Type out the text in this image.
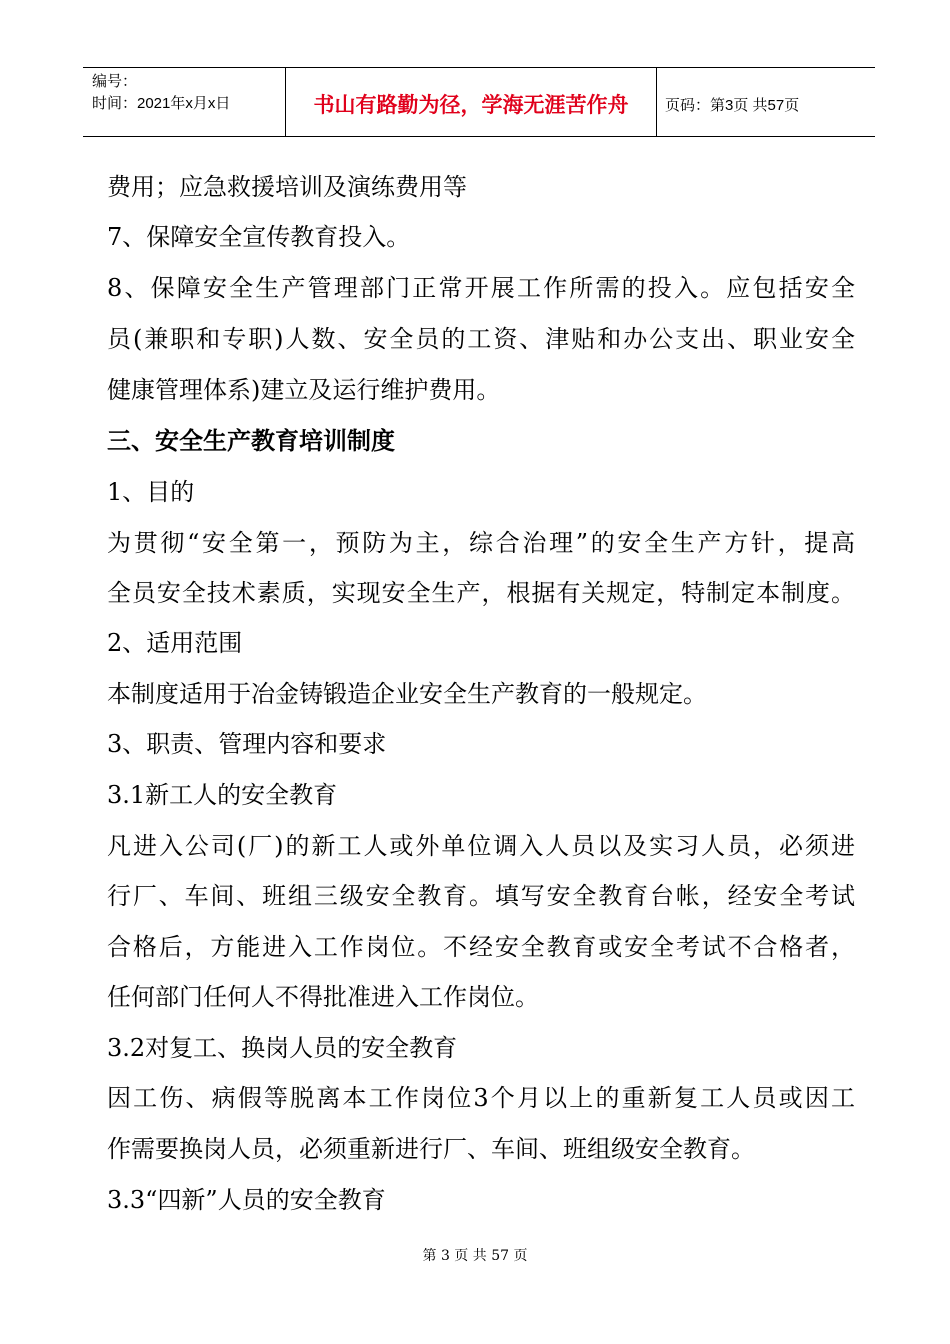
编号：
时间：2021年x月x日	书山有路勤为径，学海无涯苦作舟	页码：第3页 共57页
费用；应急救援培训及演练费用等
7、保障安全宣传教育投入。
8、保障安全生产管理部门正常开展工作所需的投入。应包括安全
员(兼职和专职)人数、安全员的工资、津贴和办公支出、职业安全
健康管理体系)建立及运行维护费用。
三、安全生产教育培训制度
1、目的
为贯彻“安全第一，预防为主，综合治理”的安全生产方针，提高
全员安全技术素质，实现安全生产，根据有关规定，特制定本制度。
2、适用范围
本制度适用于冶金铸锻造企业安全生产教育的一般规定。
3、职责、管理内容和要求
3.1新工人的安全教育
凡进入公司(厂)的新工人或外单位调入人员以及实习人员，必须进
行厂、车间、班组三级安全教育。填写安全教育台帐，经安全考试
合格后，方能进入工作岗位。不经安全教育或安全考试不合格者，
任何部门任何人不得批准进入工作岗位。
3.2对复工、换岗人员的安全教育
因工伤、病假等脱离本工作岗位3个月以上的重新复工人员或因工
作需要换岗人员，必须重新进行厂、车间、班组级安全教育。
3.3“四新”人员的安全教育
第 3 页 共 57 页
